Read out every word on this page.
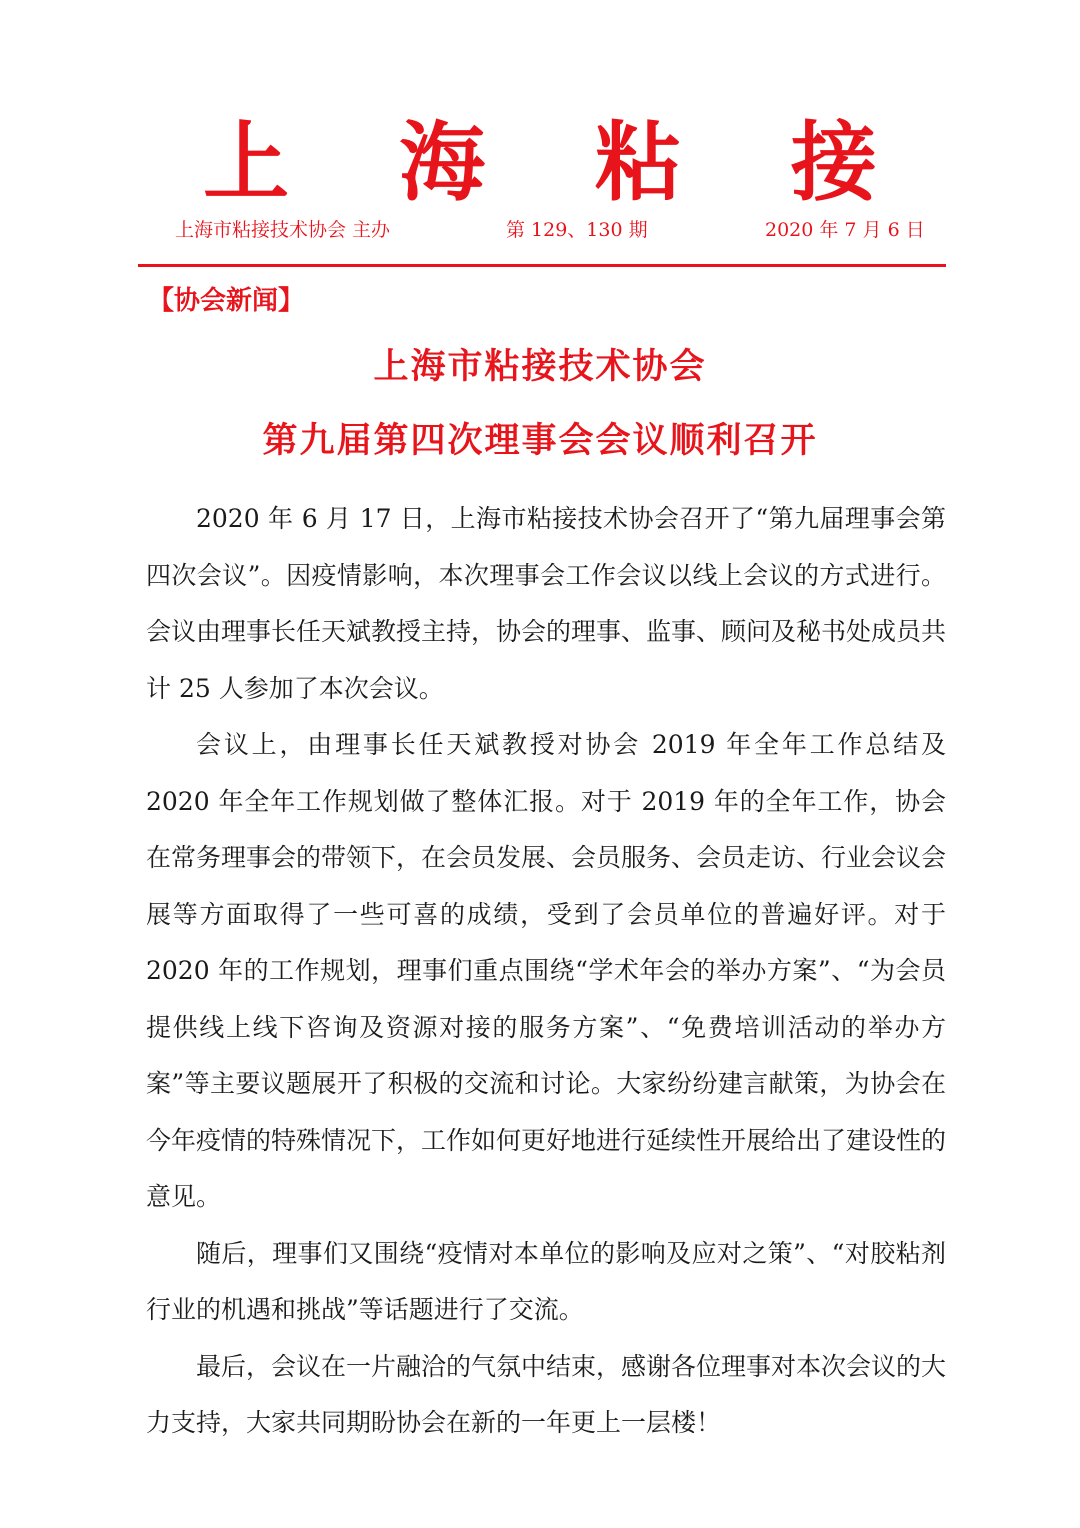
上 海 粘 接
上海市粘接技术协会 主办	第 129、130 期	2020 年 7 月 6 日
【协会新闻】
上海市粘接技术协会
第九届第四次理事会会议顺利召开

2020 年 6 月 17 日，上海市粘接技术协会召开了“第九届理事会第四次会议”。因疫情影响，本次理事会工作会议以线上会议的方式进行。会议由理事长任天斌教授主持，协会的理事、监事、顾问及秘书处成员共计 25 人参加了本次会议。

会议上，由理事长任天斌教授对协会 2019 年全年工作总结及 2020 年全年工作规划做了整体汇报。对于 2019 年的全年工作，协会在常务理事会的带领下，在会员发展、会员服务、会员走访、行业会议会展等方面取得了一些可喜的成绩，受到了会员单位的普遍好评。对于 2020 年的工作规划，理事们重点围绕“学术年会的举办方案”、“为会员提供线上线下咨询及资源对接的服务方案”、“免费培训活动的举办方案”等主要议题展开了积极的交流和讨论。大家纷纷建言献策，为协会在今年疫情的特殊情况下，工作如何更好地进行延续性开展给出了建设性的意见。

随后，理事们又围绕“疫情对本单位的影响及应对之策”、“对胶粘剂行业的机遇和挑战”等话题进行了交流。

最后，会议在一片融洽的气氛中结束，感谢各位理事对本次会议的大力支持，大家共同期盼协会在新的一年更上一层楼！
